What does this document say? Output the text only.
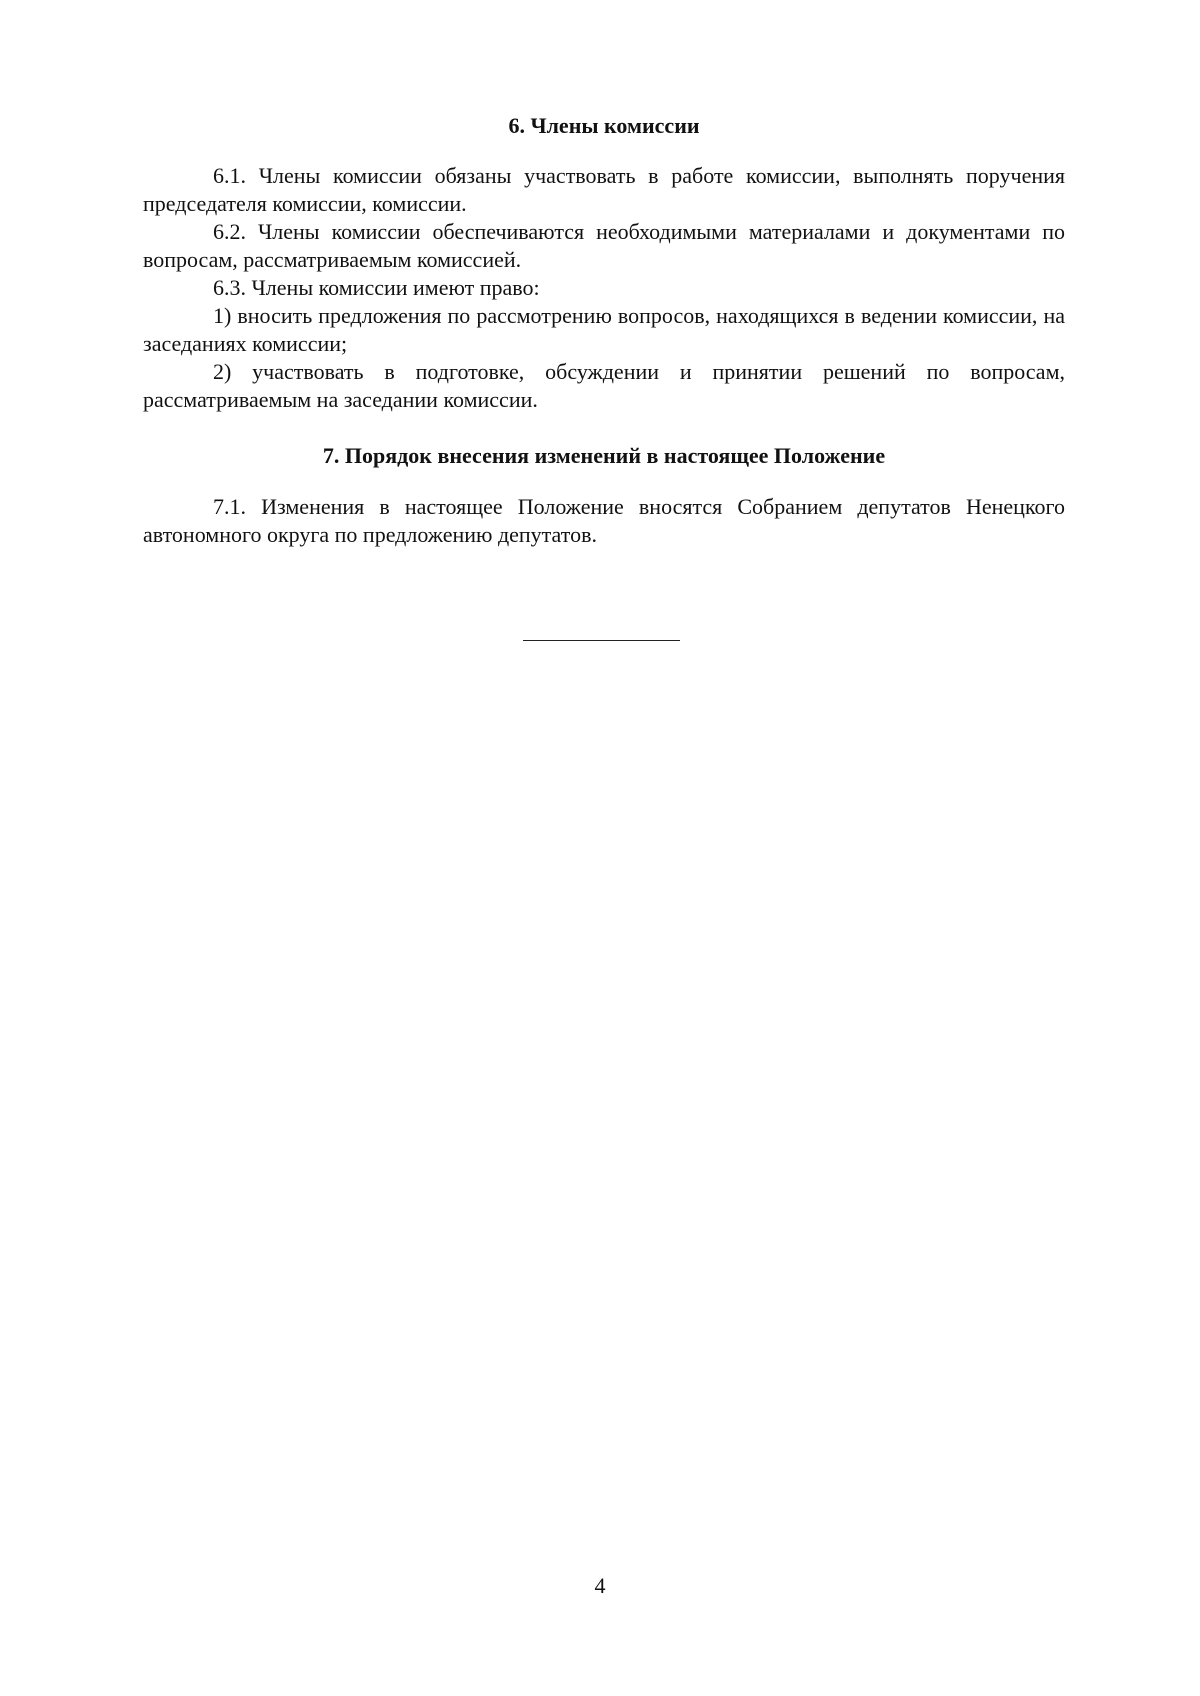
6. Члены комиссии

6.1. Члены комиссии обязаны участвовать в работе комиссии, выполнять поручения председателя комиссии, комиссии.

6.2. Члены комиссии обеспечиваются необходимыми материалами и документами по вопросам, рассматриваемым комиссией.

6.3. Члены комиссии имеют право:

1) вносить предложения по рассмотрению вопросов, находящихся в ведении комиссии, на заседаниях комиссии;

2) участвовать в подготовке, обсуждении и принятии решений по вопросам, рассматриваемым на заседании комиссии.

7. Порядок внесения изменений в настоящее Положение

7.1. Изменения в настоящее Положение вносятся Собранием депутатов Ненецкого автономного округа по предложению депутатов.

4
